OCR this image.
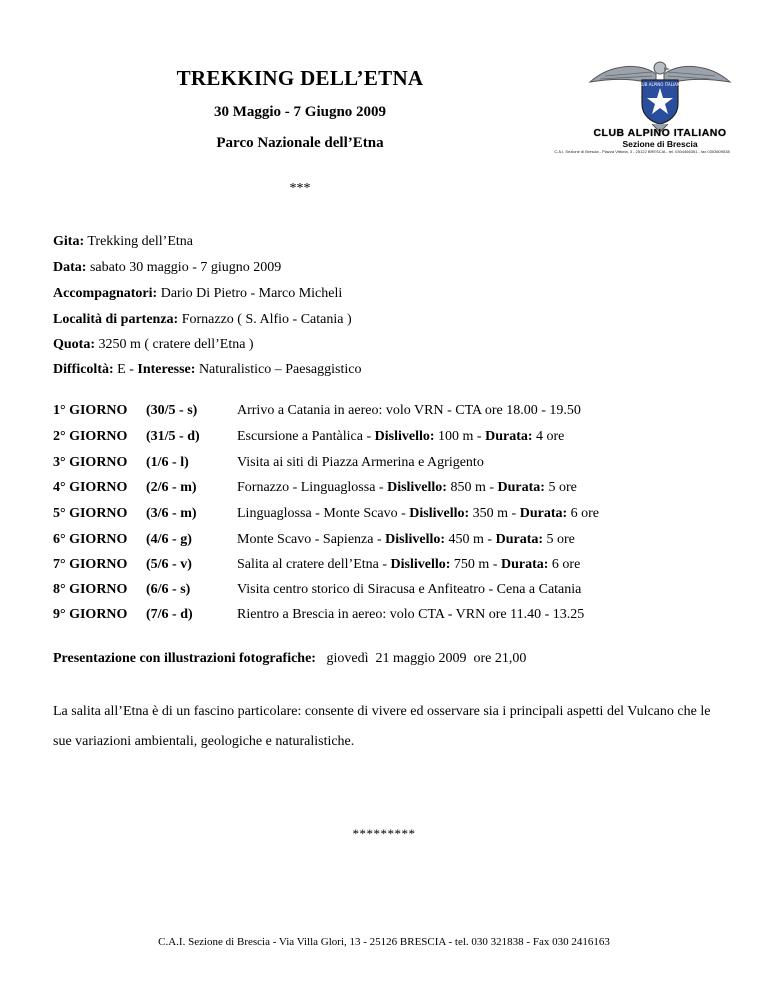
TREKKING DELL’ETNA
30 Maggio - 7 Giugno 2009
Parco Nazionale dell’Etna
***
CLUB ALPINO ITALIANO
CLUB ALPINO ITALIANO
Sezione di Brescia
C.A.I. Sezione di Brescia - Piazza Vittoria, 3 - 25122 BRESCIA - tel. 0304466351 - fax 0303609538
Gita: Trekking dell’Etna
Data: sabato 30 maggio - 7 giugno 2009
Accompagnatori: Dario Di Pietro - Marco Micheli
Località di partenza: Fornazzo ( S. Alfio - Catania )
Quota: 3250 m ( cratere dell’Etna )
Difficoltà: E - Interesse: Naturalistico – Paesaggistico
1° GIORNO (30/5 - s)	Arrivo a Catania in aereo: volo VRN - CTA ore 18.00 - 19.50
2° GIORNO (31/5 - d)	Escursione a Pantàlica - Dislivello: 100 m - Durata: 4 ore
3° GIORNO (1/6 - l)	Visita ai siti di Piazza Armerina e Agrigento
4° GIORNO (2/6 - m)	Fornazzo - Linguaglossa - Dislivello: 850 m - Durata: 5 ore
5° GIORNO (3/6 - m)	Linguaglossa - Monte Scavo - Dislivello: 350 m - Durata: 6 ore
6° GIORNO (4/6 - g)	Monte Scavo - Sapienza - Dislivello: 450 m - Durata: 5 ore
7° GIORNO (5/6 - v)	Salita al cratere dell’Etna - Dislivello: 750 m - Durata: 6 ore
8° GIORNO (6/6 - s)	Visita centro storico di Siracusa e Anfiteatro - Cena a Catania
9° GIORNO (7/6 - d)	Rientro a Brescia in aereo: volo CTA - VRN ore 11.40 - 13.25
Presentazione con illustrazioni fotografiche:   giovedì  21 maggio 2009  ore 21,00
La salita all’Etna è di un fascino particolare: consente di vivere ed osservare sia i principali aspetti del Vulcano che le sue variazioni ambientali, geologiche e naturalistiche.
*********
C.A.I. Sezione di Brescia - Via Villa Glori, 13 - 25126 BRESCIA - tel. 030 321838 - Fax 030 2416163
